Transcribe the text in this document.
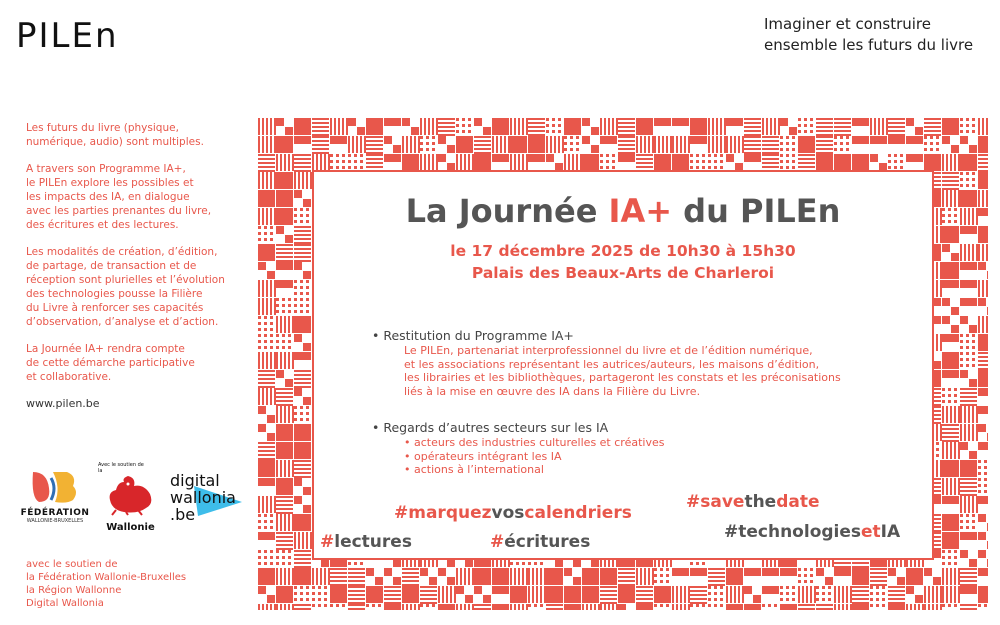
PILEn	Imaginer et construire
ensemble les futurs du livre

Les futurs du livre (physique,
numérique, audio) sont multiples.

A travers son Programme IA+,
le PILEn explore les possibles et
les impacts des IA, en dialogue
avec les parties prenantes du livre,
des écritures et des lectures.

Les modalités de création, d’édition,
de partage, de transaction et de
réception sont plurielles et l’évolution
des technologies pousse la Filière
du Livre à renforcer ses capacités
d’observation, d’analyse et d’action.

La Journée IA+ rendra compte
de cette démarche participative
et collaborative.

www.pilen.be
FÉDÉRATION
WALLONIE-BRUXELLES
Avec le soutien de
la
Wallonie
digital
wallonia
.be
avec le soutien de
la Fédération Wallonie-Bruxelles
la Région Wallonne
Digital Wallonia
La Journée IA+ du PILEn
le 17 décembre 2025 de 10h30 à 15h30
Palais des Beaux-Arts de Charleroi
• Restitution du Programme IA+
Le PILEn, partenariat interprofessionnel du livre et de l’édition numérique,
et les associations représentant les autrices/auteurs, les maisons d’édition,
les librairies et les bibliothèques, partageront les constats et les préconisations
liés à la mise en œuvre des IA dans la Filière du Livre.
• Regards d’autres secteurs sur les IA
• acteurs des industries culturelles et créatives
• opérateurs intégrant les IA
• actions à l’international
#savethedate
#marquezvoscalendriers
#technologiesetIA
#lectures	#écritures
